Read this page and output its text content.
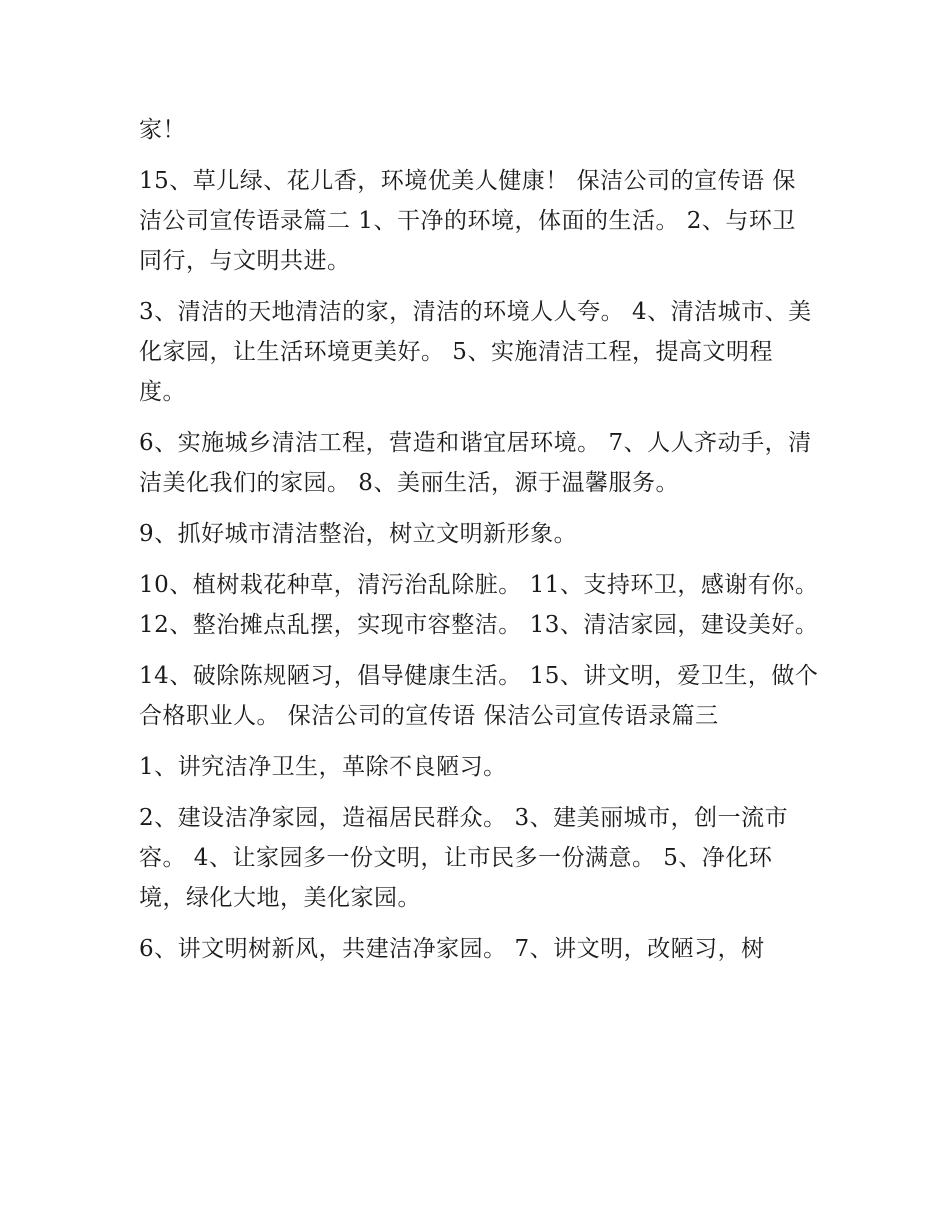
家！

15、草儿绿、花儿香，环境优美人健康！ 保洁公司的宣传语 保洁公司宣传语录篇二 1、干净的环境，体面的生活。 2、与环卫同行，与文明共进。

3、清洁的天地清洁的家，清洁的环境人人夸。 4、清洁城市、美化家园，让生活环境更美好。 5、实施清洁工程，提高文明程度。

6、实施城乡清洁工程，营造和谐宜居环境。 7、人人齐动手，清洁美化我们的家园。 8、美丽生活，源于温馨服务。

9、抓好城市清洁整治，树立文明新形象。

10、植树栽花种草，清污治乱除脏。 11、支持环卫，感谢有你。 12、整治摊点乱摆，实现市容整洁。 13、清洁家园，建设美好。

14、破除陈规陋习，倡导健康生活。 15、讲文明，爱卫生，做个合格职业人。 保洁公司的宣传语 保洁公司宣传语录篇三

1、讲究洁净卫生，革除不良陋习。

2、建设洁净家园，造福居民群众。 3、建美丽城市，创一流市容。 4、让家园多一份文明，让市民多一份满意。 5、净化环境，绿化大地，美化家园。

6、讲文明树新风，共建洁净家园。 7、讲文明，改陋习，树
